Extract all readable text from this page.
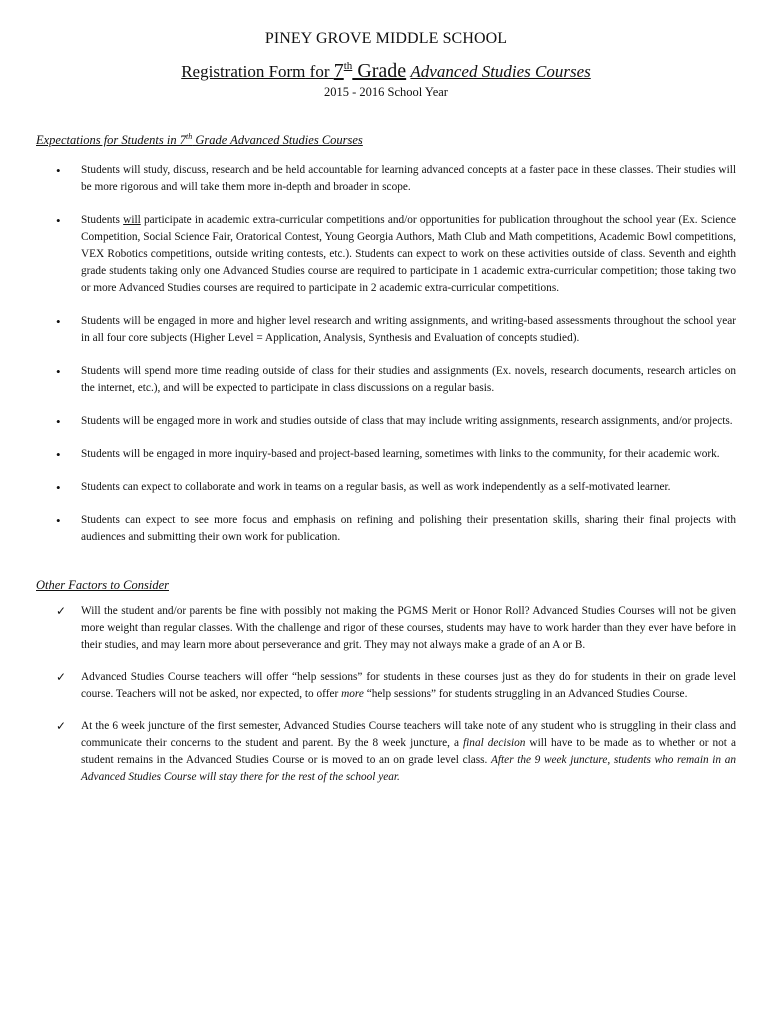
PINEY GROVE MIDDLE SCHOOL
Registration Form for 7th Grade Advanced Studies Courses
2015 - 2016 School Year
Expectations for Students in 7th Grade Advanced Studies Courses
• Students will study, discuss, research and be held accountable for learning advanced concepts at a faster pace in these classes. Their studies will be more rigorous and will take them more in-depth and broader in scope.
• Students will participate in academic extra-curricular competitions and/or opportunities for publication throughout the school year (Ex. Science Competition, Social Science Fair, Oratorical Contest, Young Georgia Authors, Math Club and Math competitions, Academic Bowl competitions, VEX Robotics competitions, outside writing contests, etc.). Students can expect to work on these activities outside of class. Seventh and eighth grade students taking only one Advanced Studies course are required to participate in 1 academic extra-curricular competition; those taking two or more Advanced Studies courses are required to participate in 2 academic extra-curricular competitions.
• Students will be engaged in more and higher level research and writing assignments, and writing-based assessments throughout the school year in all four core subjects (Higher Level = Application, Analysis, Synthesis and Evaluation of concepts studied).
• Students will spend more time reading outside of class for their studies and assignments (Ex. novels, research documents, research articles on the internet, etc.), and will be expected to participate in class discussions on a regular basis.
• Students will be engaged more in work and studies outside of class that may include writing assignments, research assignments, and/or projects.
• Students will be engaged in more inquiry-based and project-based learning, sometimes with links to the community, for their academic work.
• Students can expect to collaborate and work in teams on a regular basis, as well as work independently as a self-motivated learner.
• Students can expect to see more focus and emphasis on refining and polishing their presentation skills, sharing their final projects with audiences and submitting their own work for publication.
Other Factors to Consider
✓ Will the student and/or parents be fine with possibly not making the PGMS Merit or Honor Roll? Advanced Studies Courses will not be given more weight than regular classes. With the challenge and rigor of these courses, students may have to work harder than they ever have before in their studies, and may learn more about perseverance and grit. They may not always make a grade of an A or B.
✓ Advanced Studies Course teachers will offer “help sessions” for students in these courses just as they do for students in their on grade level course. Teachers will not be asked, nor expected, to offer more “help sessions” for students struggling in an Advanced Studies Course.
✓ At the 6 week juncture of the first semester, Advanced Studies Course teachers will take note of any student who is struggling in their class and communicate their concerns to the student and parent. By the 8 week juncture, a final decision will have to be made as to whether or not a student remains in the Advanced Studies Course or is moved to an on grade level class. After the 9 week juncture, students who remain in an Advanced Studies Course will stay there for the rest of the school year.
